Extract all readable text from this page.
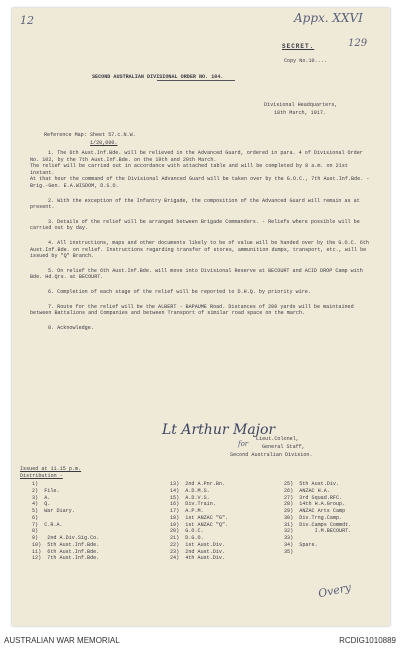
12	Appx. XXVI
129
SECRET.
Copy No.10....
SECOND AUSTRALIAN DIVISIONAL ORDER NO. 104.
Divisional Headquarters,
18th March, 1917.
Reference Map: Sheet 57.c.N.W.
1/20,000.

1. The 6th Aust.Inf.Bde. will be relieved in the Advanced Guard, ordered in para. 4 of Divisional Order No. 102, by the 7th Aust.Inf.Bde. on the 19th and 20th March.
The relief will be carried out in accordance with attached table and will be completed by 8 a.m. on 21st instant.
At that hour the command of the Divisional Advanced Guard will be taken over by the G.O.C., 7th Aust.Inf.Bde. - Brig.-Gen. E.A.WISDOM, D.S.O.

2. With the exception of the Infantry Brigade, the composition of the Advanced Guard will remain as at present.

3. Details of the relief will be arranged between Brigade Commanders. - Reliefs where possible will be carried out by day.

4. All instructions, maps and other documents likely to be of value will be handed over by the G.O.C. 6th Aust.Inf.Bde. on relief. Instructions regarding transfer of stores, ammunition dumps, transport, etc., will be issued by "Q" Branch.

5. On relief the 6th Aust.Inf.Bde. will move into Divisional Reserve at BECOURT and ACID DROP Camp with Bde. Hd.Qrs. at BECOURT.

6. Completion of each stage of the relief will be reported to D.H.Q. by priority wire.

7. Route for the relief will be the ALBERT - BAPAUME Road. Distances of 200 yards will be maintained between Battalions and Companies and between Transport of similar road space on the march.

8. Acknowledge.

Lt Arthur Major
for
Lieut.Colonel,
General Staff,
Second Australian Division.
Issued at 11.15 p.m.
Distribution -
1)
2)  File.
3)  A.
4)  Q.
5)  War Diary.
6)
7)  C.R.A.
8)
9)   2nd A.Div.Sig.Co.
10)  5th Aust.Inf.Bde.
11)  6th Aust.Inf.Bde.
12)  7th Aust.Inf.Bde.
13)  2nd A.Pnr.Bn.
14)  A.D.M.S.
15)  A.D.V.S.
16)  Div.Train.
17)  A.P.M.
18)  1st ANZAC "G".
19)  1st ANZAC "Q".
20)  G.O.C.
21)  D.G.O.
22)  1st Aust.Div.
23)  2nd Aust.Div.
24)  4th Aust.Div.
25)  5th Aust.Div.
26)  ANZAC H.A.
27)  3rd Squad.RFC.
28)  14th H.A.Group.
29)  ANZAC Arts Camp
30)  Div.Trng.Camp.
31)  Div.Camps Commdt.
32)       I.M.BECOURT.
33)
34)  Spare.
35)
Overy
AUSTRALIAN WAR MEMORIAL	RCDIG1010889
